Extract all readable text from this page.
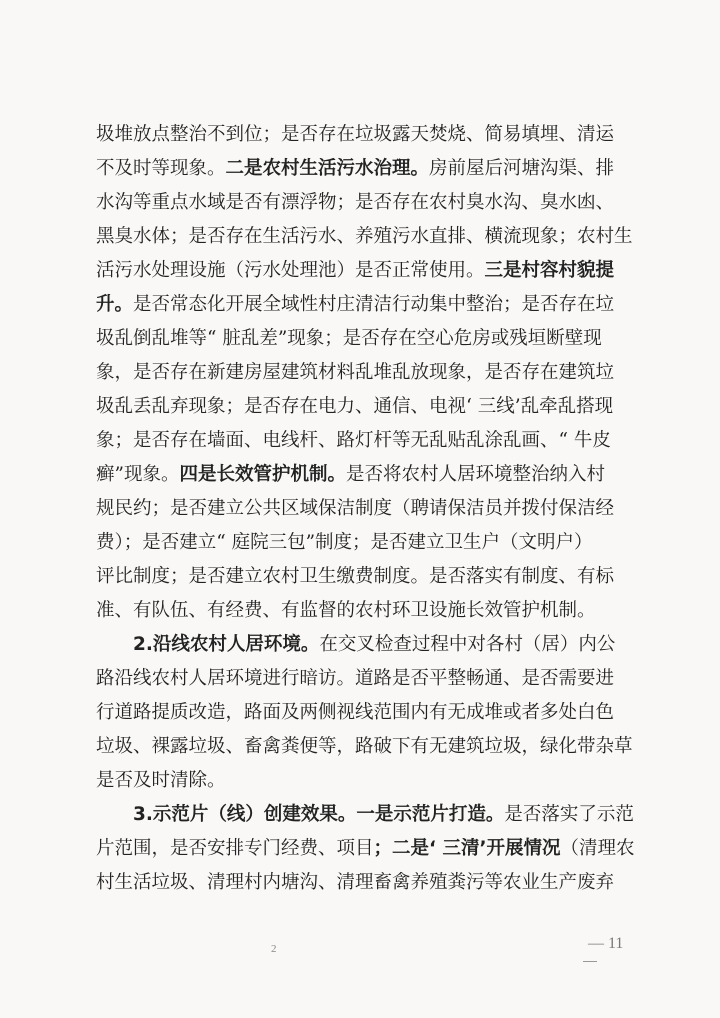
圾堆放点整治不到位；是否存在垃圾露天焚烧、简易填埋、清运
不及时等现象。二是农村生活污水治理。房前屋后河塘沟渠、排
水沟等重点水域是否有漂浮物；是否存在农村臭水沟、臭水凼、
黑臭水体；是否存在生活污水、养殖污水直排、横流现象；农村生
活污水处理设施（污水处理池）是否正常使用。三是村容村貌提
升。是否常态化开展全域性村庄清洁行动集中整治；是否存在垃
圾乱倒乱堆等“ 脏乱差”现象；是否存在空心危房或残垣断壁现
象，是否存在新建房屋建筑材料乱堆乱放现象，是否存在建筑垃
圾乱丢乱弃现象；是否存在电力、通信、电视‘ 三线’乱牵乱搭现
象；是否存在墙面、电线杆、路灯杆等无乱贴乱涂乱画、“ 牛皮
癣”现象。四是长效管护机制。是否将农村人居环境整治纳入村
规民约；是否建立公共区域保洁制度（聘请保洁员并拨付保洁经
费）；是否建立“ 庭院三包”制度；是否建立卫生户（文明户）
评比制度；是否建立农村卫生缴费制度。是否落实有制度、有标
准、有队伍、有经费、有监督的农村环卫设施长效管护机制。
2.沿线农村人居环境。在交叉检查过程中对各村（居）内公
路沿线农村人居环境进行暗访。道路是否平整畅通、是否需要进
行道路提质改造，路面及两侧视线范围内有无成堆或者多处白色
垃圾、裸露垃圾、畜禽粪便等，路破下有无建筑垃圾，绿化带杂草
是否及时清除。
3.示范片（线）创建效果。一是示范片打造。是否落实了示范
片范围，是否安排专门经费、项目；二是‘ 三清’开展情况（清理农
村生活垃圾、清理村内塘沟、清理畜禽养殖粪污等农业生产废弃
2	— 11
